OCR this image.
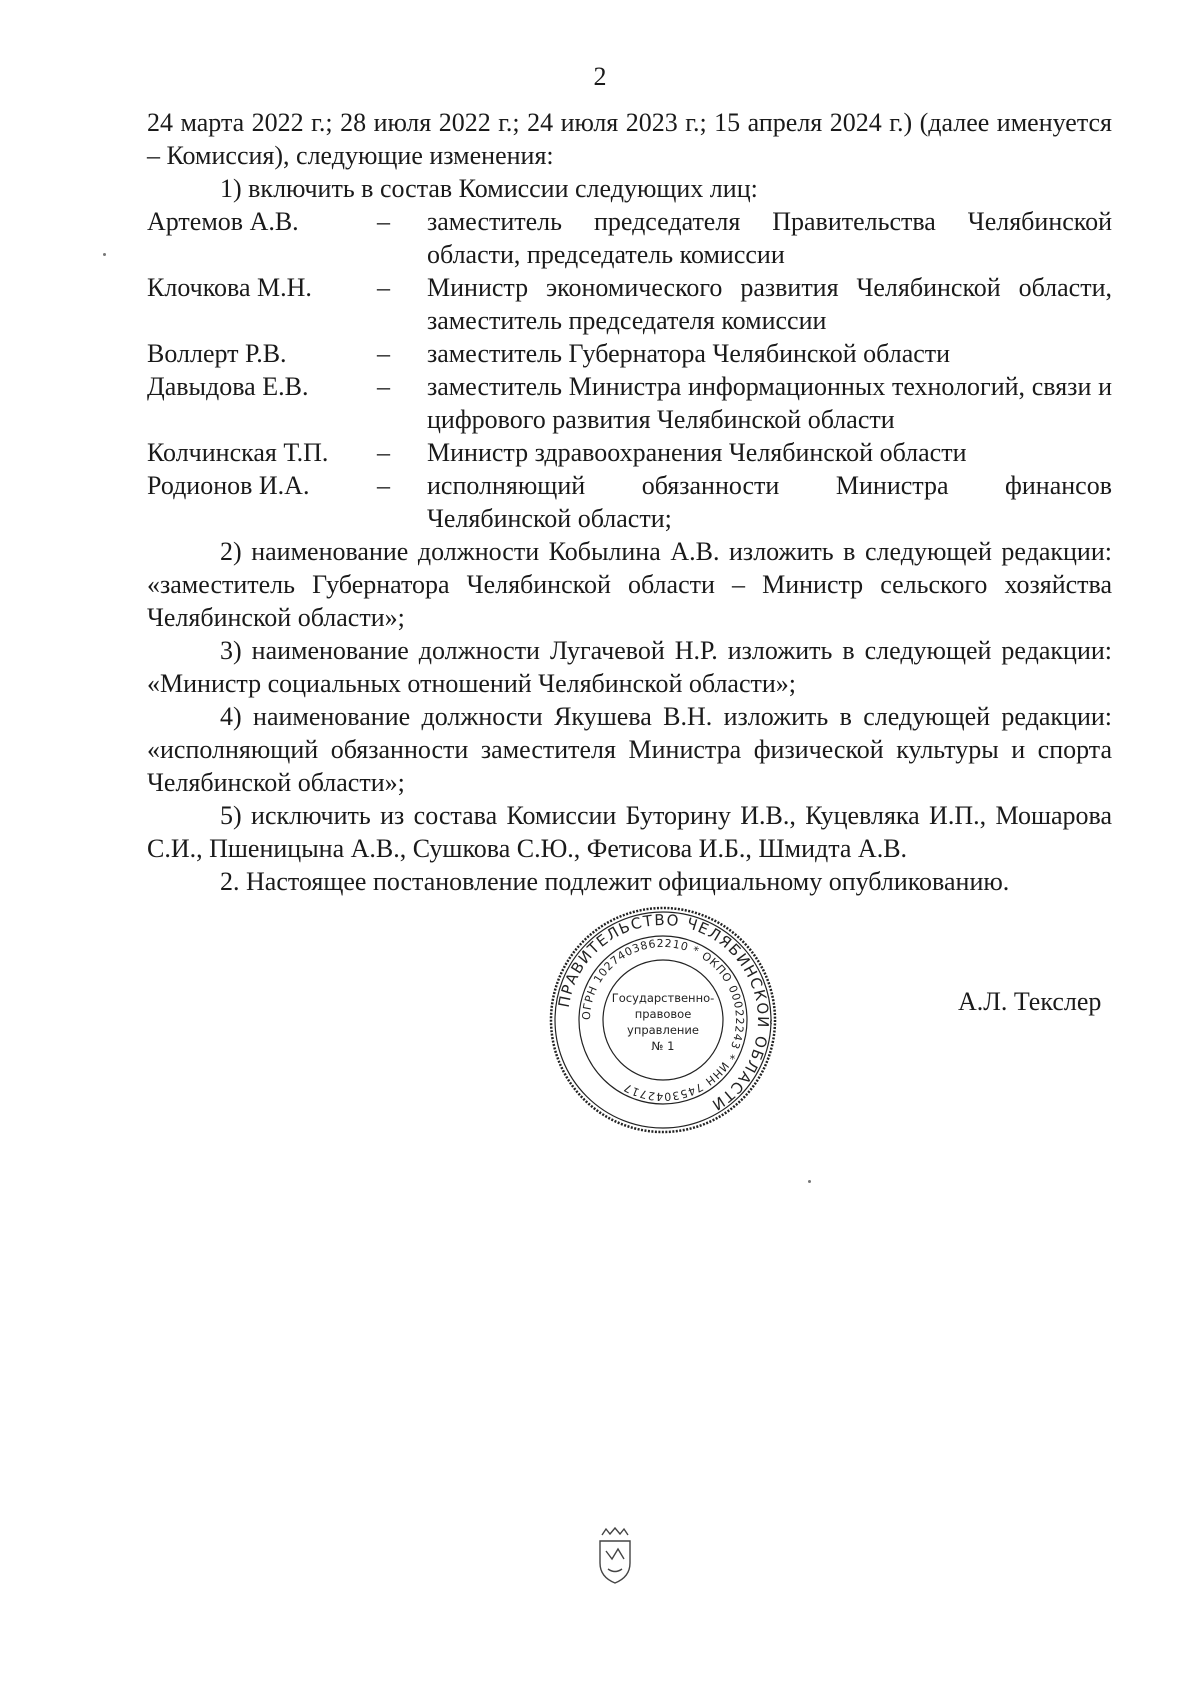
2

24 марта 2022 г.; 28 июля 2022 г.; 24 июля 2023 г.; 15 апреля 2024 г.) (далее именуется – Комиссия), следующие изменения:

1) включить в состав Комиссии следующих лиц:

Артемов А.В.	–	заместитель председателя Правительства Челябинской области, председатель комиссии
Клочкова М.Н.	–	Министр экономического развития Челябинской области, заместитель председателя комиссии
Воллерт Р.В.	–	заместитель Губернатора Челябинской области
Давыдова Е.В.	–	заместитель Министра информационных технологий, связи и цифрового развития Челябинской области
Колчинская Т.П.	–	Министр здравоохранения Челябинской области
Родионов И.А.	–	исполняющий обязанности Министра финансов Челябинской области;

2) наименование должности Кобылина А.В. изложить в следующей редакции: «заместитель Губернатора Челябинской области – Министр сельского хозяйства Челябинской области»;

3) наименование должности Лугачевой Н.Р. изложить в следующей редакции: «Министр социальных отношений Челябинской области»;

4) наименование должности Якушева В.Н. изложить в следующей редакции: «исполняющий обязанности заместителя Министра физической культуры и спорта Челябинской области»;

5) исключить из состава Комиссии Буторину И.В., Куцевляка И.П., Мошарова С.И., Пшеницына А.В., Сушкова С.Ю., Фетисова И.Б., Шмидта А.В.

2. Настоящее постановление подлежит официальному опубликованию.

ПРАВИТЕЛЬСТВО ЧЕЛЯБИНСКОЙ ОБЛАСТИ
ОГРН 1027403862210 * ОКПО 00022243 * ИНН 7453042717
Государственно-
правовое
управление
№ 1
А.Л. Текслер
